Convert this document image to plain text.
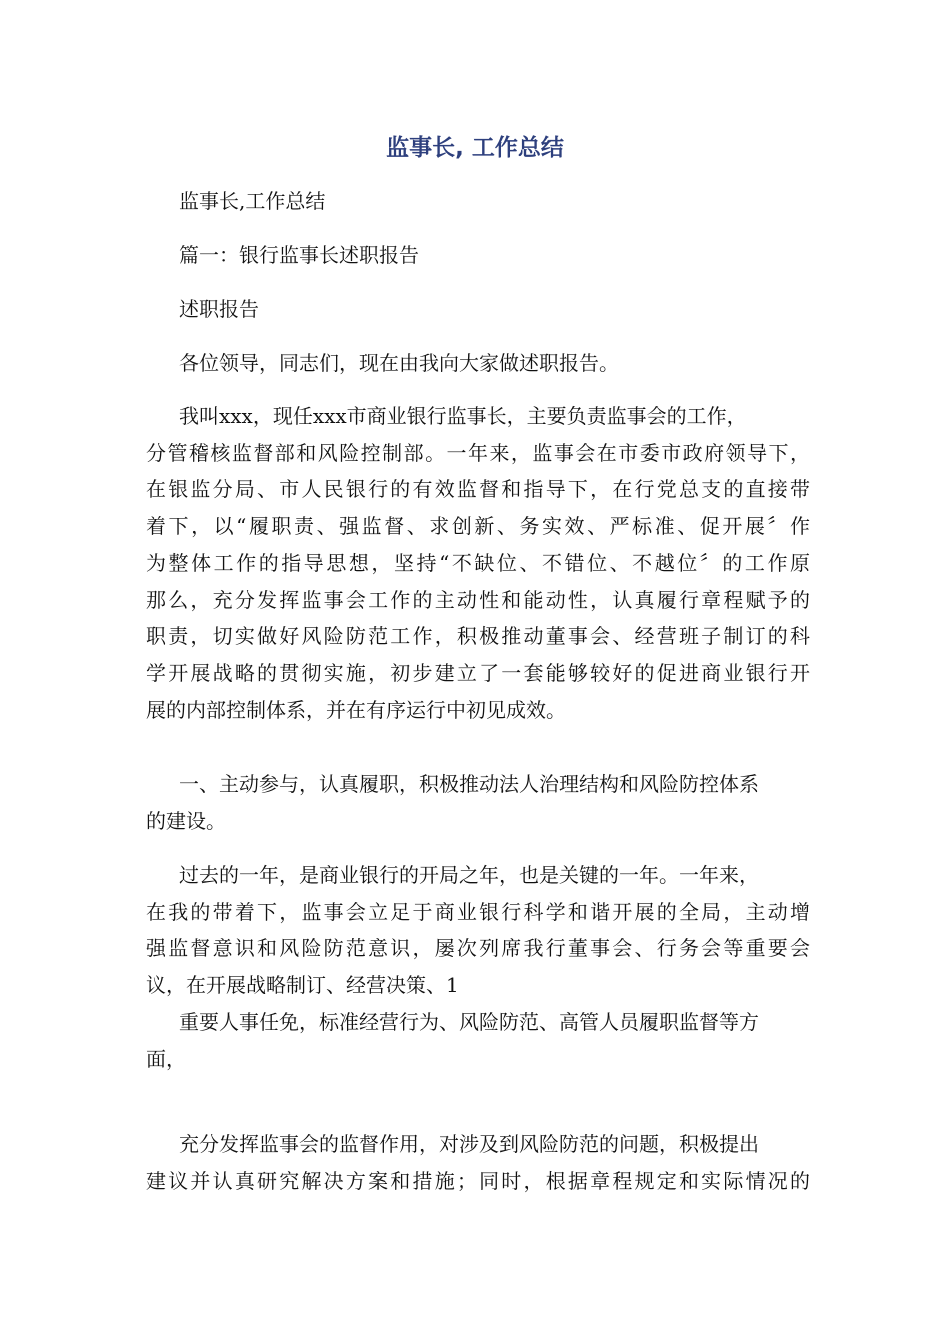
监事长, 工作总结
监事长,工作总结
篇一：银行监事长述职报告
述职报告
各位领导，同志们，现在由我向大家做述职报告。
我叫xxx，现任xxx市商业银行监事长，主要负责监事会的工作，
分管稽核监督部和风险控制部。一年来，监事会在市委市政府领导下，
在银监分局、市人民银行的有效监督和指导下，在行党总支的直接带
着下，以“履职责、强监督、求创新、务实效、严标准、促开展〞作
为整体工作的指导思想，坚持“不缺位、不错位、不越位〞的工作原
那么，充分发挥监事会工作的主动性和能动性，认真履行章程赋予的
职责，切实做好风险防范工作，积极推动董事会、经营班子制订的科
学开展战略的贯彻实施，初步建立了一套能够较好的促进商业银行开
展的内部控制体系，并在有序运行中初见成效。
一、主动参与，认真履职，积极推动法人治理结构和风险防控体系
的建设。
过去的一年，是商业银行的开局之年，也是关键的一年。一年来，
在我的带着下，监事会立足于商业银行科学和谐开展的全局，主动增
强监督意识和风险防范意识，屡次列席我行董事会、行务会等重要会
议，在开展战略制订、经营决策、1
重要人事任免，标准经营行为、风险防范、高管人员履职监督等方
面，
充分发挥监事会的监督作用，对涉及到风险防范的问题，积极提出
建议并认真研究解决方案和措施；同时，根据章程规定和实际情况的
